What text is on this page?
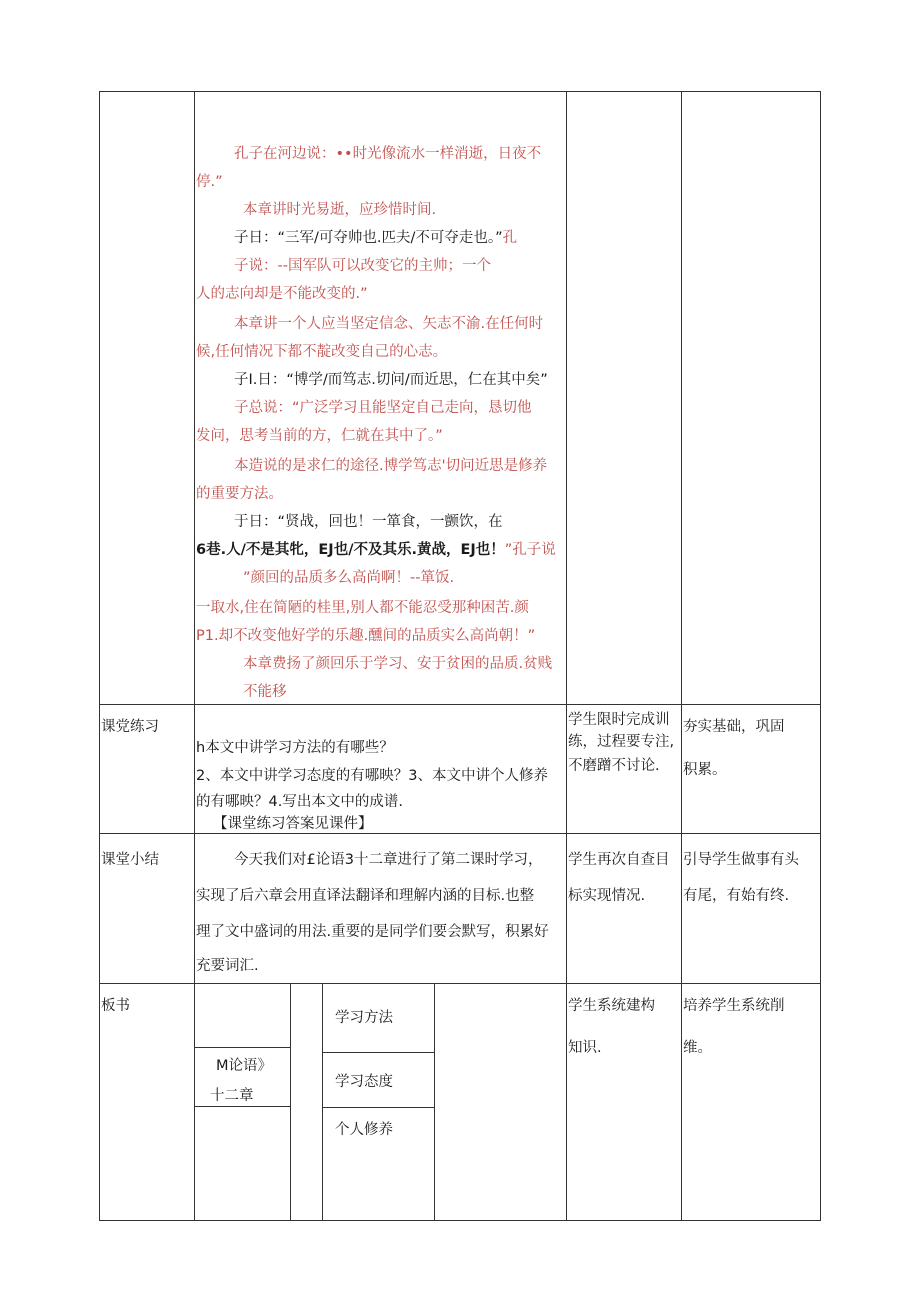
孔子在河边说：••时光像流水一样消逝，日夜不
停.”
本章讲时光易逝，应珍惜时间.
子日：“三军/可夺帅也.匹夫/不可夺走也。”孔
子说：--国军队可以改变它的主帅；一个
人的志向却是不能改变的.”
本章讲一个人应当坚定信念、矢志不渝.在任何时
候,任何情况下都不靛改变自己的心志。
子I.日：“博学/而笃志.切问/而近思，仁在其中矣”
子总说：“广泛学习且能坚定自己走向，恳切他
发问，思考当前的方，仁就在其中了。”
本造说的是求仁的途径.博学笃志'切问近思是修养
的重要方法。
于日：“贤战，回也！一箪食，一颤饮，在
6巷.人/不是其牝，EJ也/不及其乐.黄战，EJ也！”孔子说
”颜回的品质多么高尚啊！--箪饭.
一取水,住在简陋的桂里,别人都不能忍受那种困苦.颜
P1.却不改变他好学的乐趣.醺间的品质实么高尚朝！”
本章费扬了颜回乐于学习、安于贫困的品质.贫贱
不能移
课党练习
h本文中讲学习方法的有哪些？
2、本文中讲学习态度的有哪映？3、本文中讲个人修养
的有哪映？4.写出本文中的成谱.
【课堂练习答案见课件】
学生限时完成训
练，过程要专注,
不磨蹭不讨论.
夯实基础，巩固
积累。
课堂小结	今天我们对£论语3十二章进行了第二课时学习，
实现了后六章会用直译法翻译和理解内涵的目标.也整
理了文中盛词的用法.重要的是同学们要会默写，积累好
充要词汇.
学生再次自查目
标实现情况.
引导学生做事有头
有尾，有始有终.
板书
M论语》
十二章
学习方法
学习态度
个人修养
学生系统建构
知识.
培养学生系统削
维。
